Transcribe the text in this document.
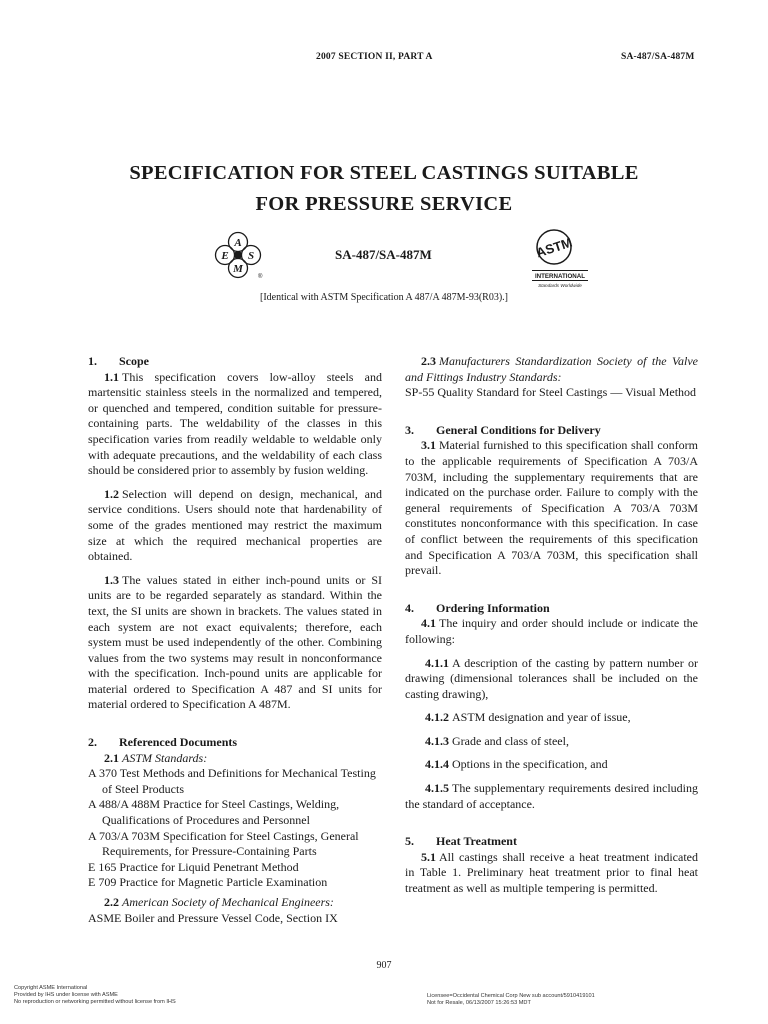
2007 SECTION II, PART A	SA-487/SA-487M
SPECIFICATION FOR STEEL CASTINGS SUITABLE
FOR PRESSURE SERVICE
A
E S
M
®
SA-487/SA-487M	ASTM
INTERNATIONAL
Standards Worldwide
[Identical with ASTM Specification A 487/A 487M-93(R03).]

1. Scope

1.1 This specification covers low-alloy steels and martensitic stainless steels in the normalized and tempered, or quenched and tempered, condition suitable for pressure-containing parts. The weldability of the classes in this specification varies from readily weldable to weldable only with adequate precautions, and the weldability of each class should be considered prior to assembly by fusion welding.

1.2 Selection will depend on design, mechanical, and service conditions. Users should note that hardenability of some of the grades mentioned may restrict the maximum size at which the required mechanical properties are obtained.

1.3 The values stated in either inch-pound units or SI units are to be regarded separately as standard. Within the text, the SI units are shown in brackets. The values stated in each system are not exact equivalents; therefore, each system must be used independently of the other. Combining values from the two systems may result in nonconformance with the specification. Inch-pound units are applicable for material ordered to Specification A 487 and SI units for material ordered to Specification A 487M.

2. Referenced Documents

2.1 ASTM Standards:

A 370 Test Methods and Definitions for Mechanical Testing of Steel Products

A 488/A 488M Practice for Steel Castings, Welding, Qualifications of Procedures and Personnel

A 703/A 703M Specification for Steel Castings, General Requirements, for Pressure-Containing Parts

E 165 Practice for Liquid Penetrant Method

E 709 Practice for Magnetic Particle Examination

2.2 American Society of Mechanical Engineers:

ASME Boiler and Pressure Vessel Code, Section IX

2.3 Manufacturers Standardization Society of the Valve and Fittings Industry Standards:

SP-55 Quality Standard for Steel Castings — Visual Method

3. General Conditions for Delivery

3.1 Material furnished to this specification shall conform to the applicable requirements of Specification A 703/A 703M, including the supplementary requirements that are indicated on the purchase order. Failure to comply with the general requirements of Specification A 703/A 703M constitutes nonconformance with this specification. In case of conflict between the requirements of this specification and Specification A 703/A 703M, this specification shall prevail.

4. Ordering Information

4.1 The inquiry and order should include or indicate the following:

4.1.1 A description of the casting by pattern number or drawing (dimensional tolerances shall be included on the casting drawing),

4.1.2 ASTM designation and year of issue,

4.1.3 Grade and class of steel,

4.1.4 Options in the specification, and

4.1.5 The supplementary requirements desired including the standard of acceptance.

5. Heat Treatment

5.1 All castings shall receive a heat treatment indicated in Table 1. Preliminary heat treatment prior to final heat treatment as well as multiple tempering is permitted.

907
Copyright ASME International
Provided by IHS under license with ASME
No reproduction or networking permitted without license from IHS
Licensee=Occidental Chemical Corp New sub account/5910419101
Not for Resale, 06/13/2007 15:26:53 MDT
